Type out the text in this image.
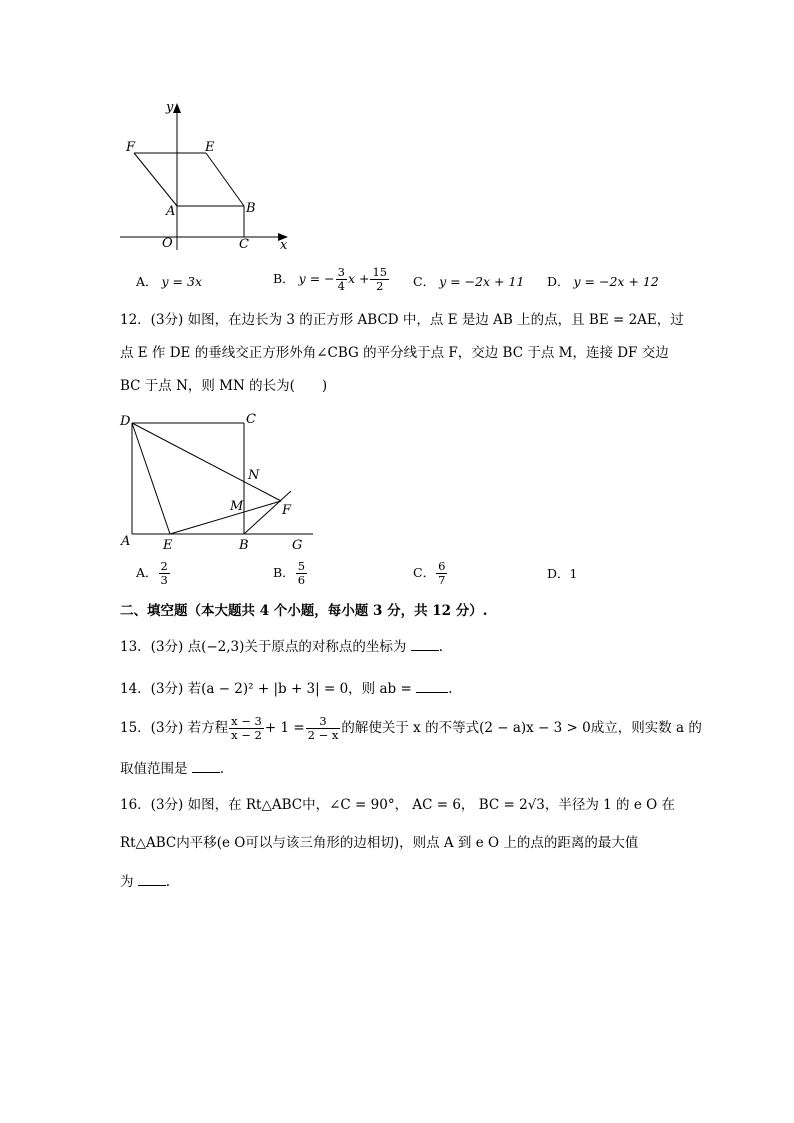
y
x
F	E
A	B
O	C
A． y = 3x	B． y = − $\frac{3}{4}$ $x + \frac{15}{2}$ C． y = −2x + 11 D． y = −2x + 12
12．(3分) 如图，在边长为 3 的正方形 ABCD 中，点 E 是边 AB 上的点，且 BE = 2AE，过
点 E 作 DE 的垂线交正方形外角∠CBG 的平分线于点 F，交边 BC 于点 M，连接 DF 交边
BC 于点 N，则 MN 的长为(　　)
D	C
N
M	F
A	E	B	G
A． $\frac{2}{3}$	B． $\frac{5}{6}$	C． $\frac{6}{7}$	D．1
二、填空题（本大题共 4 个小题，每小题 3 分，共 12 分）.
13．(3分) 点(−2,3)关于原点的对称点的坐标为 .
14．(3分) 若(a − 2)² + |b + 3| = 0，则 ab =	.
15．(3分) 若方程 $\frac{x - 3}{x - 2} + 1 = \frac{3}{2 - x}$ 的解使关于 x 的不等式(2 − a)x − 3 > 0成立，则实数 a 的
取值范围是 .
16．(3分) 如图，在 Rt△ABC中，∠C = 90°， AC = 6， BC = 2√3，半径为 1 的 e O 在
Rt△ABC内平移(e O可以与该三角形的边相切)，则点 A 到 e O 上的点的距离的最大值
为 .
